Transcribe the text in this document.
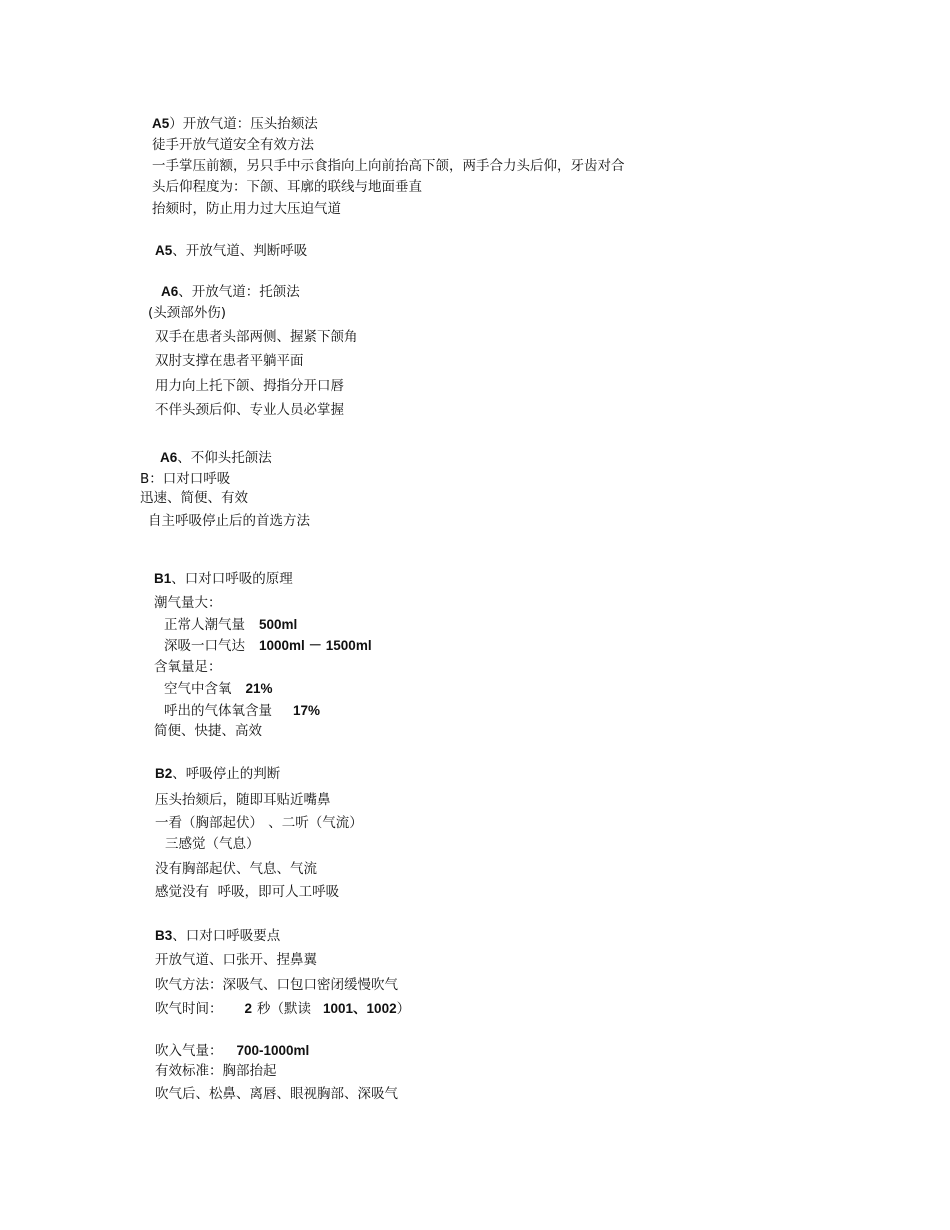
A5）开放气道：压头抬颏法
徒手开放气道安全有效方法
一手掌压前额，另只手中示食指向上向前抬高下颌，两手合力头后仰，牙齿对合
头后仰程度为：下颌、耳廓的联线与地面垂直
抬颏时，防止用力过大压迫气道
A5、开放气道、判断呼吸
A6、开放气道：托颌法
(头颈部外伤)
双手在患者头部两侧、握紧下颌角
双肘支撑在患者平躺平面
用力向上托下颌、拇指分开口唇
不伴头颈后仰、专业人员必掌握
A6、不仰头托颌法
B：口对口呼吸
迅速、简便、有效
自主呼吸停止后的首选方法
B1、口对口呼吸的原理
潮气量大：
正常人潮气量 500ml
深吸一口气达 1000ml － 1500ml
含氧量足：
空气中含氧 21%
呼出的气体氧含量 17%
简便、快捷、高效
B2、呼吸停止的判断
压头抬颏后，随即耳贴近嘴鼻
一看（胸部起伏） 、二听（气流）
三感觉（气息）
没有胸部起伏、气息、气流
感觉没有  呼吸，即可人工呼吸
B3、口对口呼吸要点
开放气道、口张开、捏鼻翼
吹气方法：深吸气、口包口密闭缓慢吹气
吹气时间： 2 秒（默读 1001、1002）
吹入气量： 700-1000ml
有效标准：胸部抬起
吹气后、松鼻、离唇、眼视胸部、深吸气
